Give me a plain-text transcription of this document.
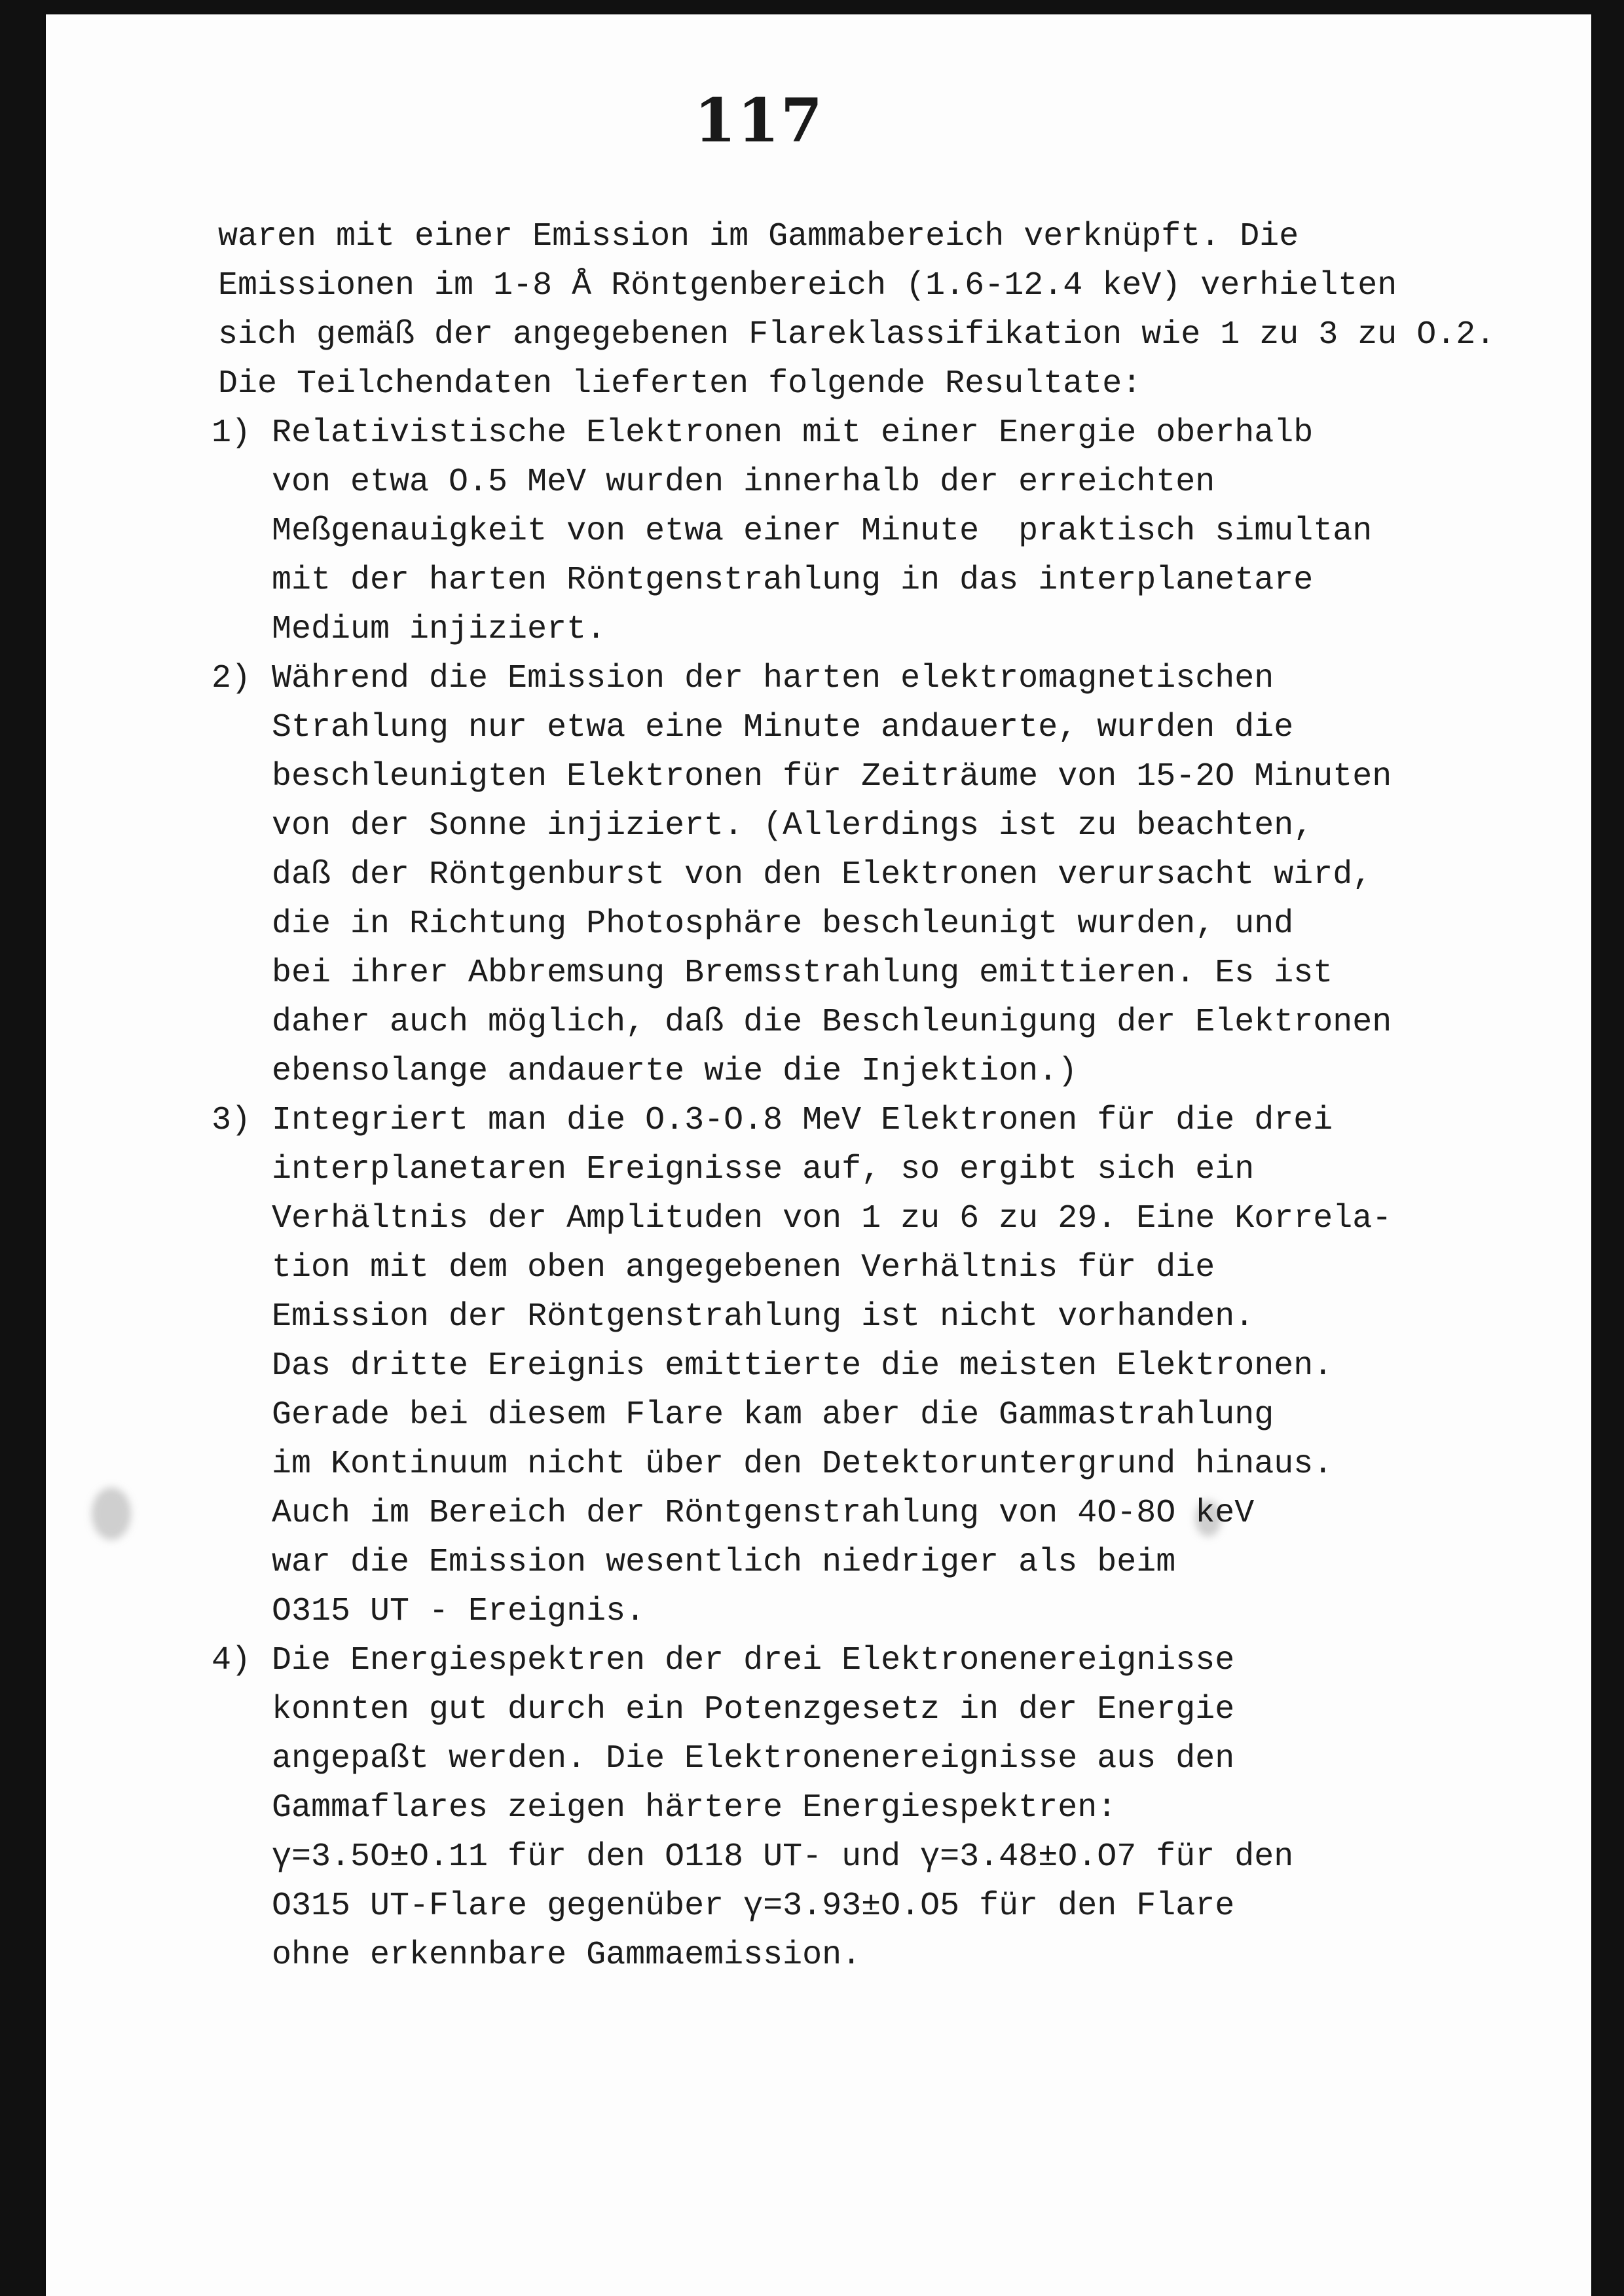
117
waren mit einer Emission im Gammabereich verknüpft. Die
Emissionen im 1-8 Å Röntgenbereich (1.6-12.4 keV) verhielten
sich gemäß der angegebenen Flareklassifikation wie 1 zu 3 zu O.2.
Die Teilchendaten lieferten folgende Resultate:
1) Relativistische Elektronen mit einer Energie oberhalb
von etwa O.5 MeV wurden innerhalb der erreichten
Meßgenauigkeit von etwa einer Minute  praktisch simultan
mit der harten Röntgenstrahlung in das interplanetare
Medium injiziert.
2) Während die Emission der harten elektromagnetischen
Strahlung nur etwa eine Minute andauerte, wurden die
beschleunigten Elektronen für Zeiträume von 15-2O Minuten
von der Sonne injiziert. (Allerdings ist zu beachten,
daß der Röntgenburst von den Elektronen verursacht wird,
die in Richtung Photosphäre beschleunigt wurden, und
bei ihrer Abbremsung Bremsstrahlung emittieren. Es ist
daher auch möglich, daß die Beschleunigung der Elektronen
ebensolange andauerte wie die Injektion.)
3) Integriert man die O.3-O.8 MeV Elektronen für die drei
interplanetaren Ereignisse auf, so ergibt sich ein
Verhältnis der Amplituden von 1 zu 6 zu 29. Eine Korrela-
tion mit dem oben angegebenen Verhältnis für die
Emission der Röntgenstrahlung ist nicht vorhanden.
Das dritte Ereignis emittierte die meisten Elektronen.
Gerade bei diesem Flare kam aber die Gammastrahlung
im Kontinuum nicht über den Detektoruntergrund hinaus.
Auch im Bereich der Röntgenstrahlung von 4O-8O keV
war die Emission wesentlich niedriger als beim
O315 UT - Ereignis.
4) Die Energiespektren der drei Elektronenereignisse
konnten gut durch ein Potenzgesetz in der Energie
angepaßt werden. Die Elektronenereignisse aus den
Gammaflares zeigen härtere Energiespektren:
γ=3.5O±O.11 für den O118 UT- und γ=3.48±O.O7 für den
O315 UT-Flare gegenüber γ=3.93±O.O5 für den Flare
ohne erkennbare Gammaemission.
